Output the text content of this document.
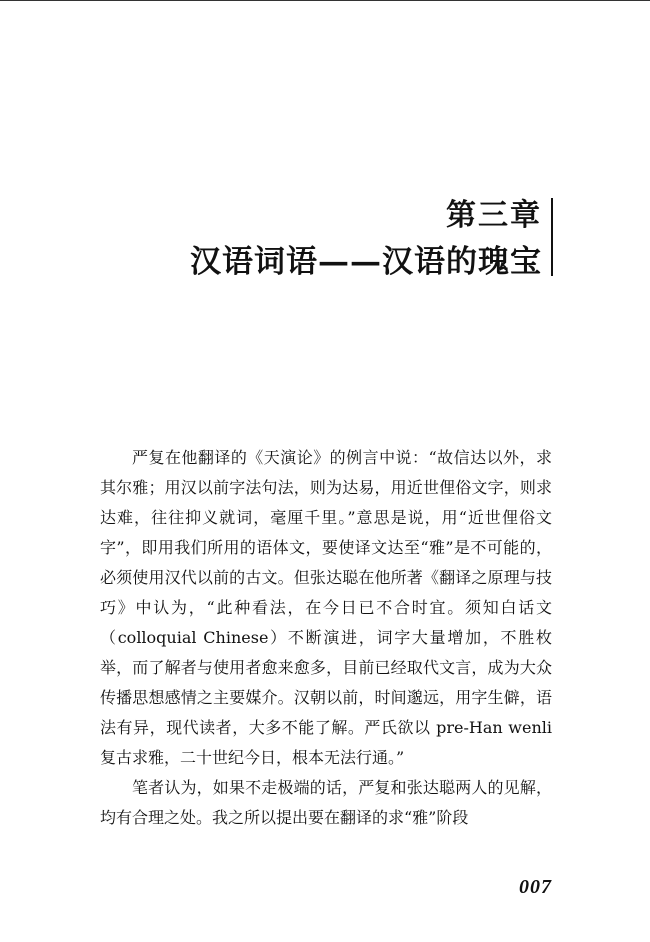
第三章
汉语词语——汉语的瑰宝

严复在他翻译的《天演论》的例言中说：“故信达以外，求其尔雅；用汉以前字法句法，则为达易，用近世俚俗文字，则求达难，往往抑义就词，毫厘千里。”意思是说，用“近世俚俗文字”，即用我们所用的语体文，要使译文达至“雅”是不可能的，必须使用汉代以前的古文。但张达聪在他所著《翻译之原理与技巧》中认为，“此种看法，在今日已不合时宜。须知白话文（colloquial Chinese）不断演进，词字大量增加，不胜枚举，而了解者与使用者愈来愈多，目前已经取代文言，成为大众传播思想感情之主要媒介。汉朝以前，时间邈远，用字生僻，语法有异，现代读者，大多不能了解。严氏欲以 pre-Han wenli 复古求雅，二十世纪今日，根本无法行通。”

笔者认为，如果不走极端的话，严复和张达聪两人的见解，均有合理之处。我之所以提出要在翻译的求“雅”阶段

007
